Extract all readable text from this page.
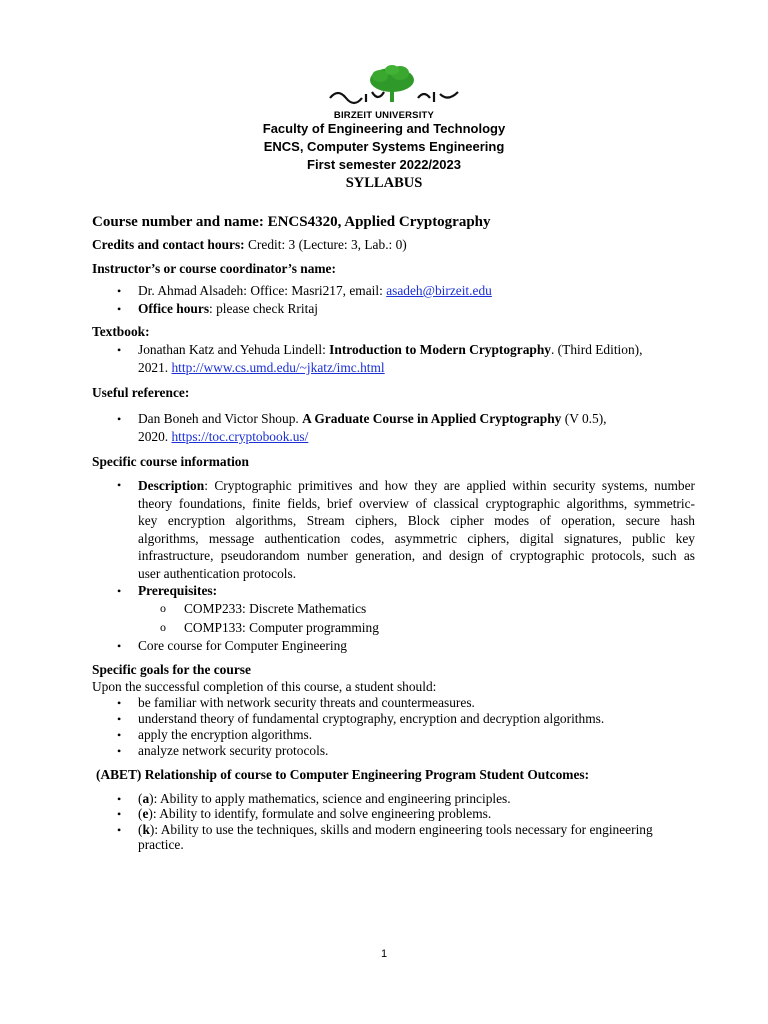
BIRZEIT UNIVERSITY
Faculty of Engineering and Technology
ENCS, Computer Systems Engineering
First semester 2022/2023
SYLLABUS
Course number and name: ENCS4320, Applied Cryptography
Credits and contact hours: Credit: 3 (Lecture: 3, Lab.: 0)
Instructor’s or course coordinator’s name:
• Dr. Ahmad Alsadeh: Office: Masri217, email: asadeh@birzeit.edu
• Office hours: please check Rritaj
Textbook:
• Jonathan Katz and Yehuda Lindell: Introduction to Modern Cryptography. (Third Edition),
2021. http://www.cs.umd.edu/~jkatz/imc.html
Useful reference:
• Dan Boneh and Victor Shoup. A Graduate Course in Applied Cryptography (V 0.5),
2020. https://toc.cryptobook.us/
Specific course information
• Description: Cryptographic primitives and how they are applied within security systems, number
theory foundations, finite fields, brief overview of classical cryptographic algorithms, symmetric-
key encryption algorithms, Stream ciphers, Block cipher modes of operation, secure hash
algorithms, message authentication codes, asymmetric ciphers, digital signatures, public key
infrastructure, pseudorandom number generation, and design of cryptographic protocols, such as
user authentication protocols.
• Prerequisites:
o COMP233: Discrete Mathematics
o COMP133: Computer programming
• Core course for Computer Engineering
Specific goals for the course
Upon the successful completion of this course, a student should:
• be familiar with network security threats and countermeasures.
• understand theory of fundamental cryptography, encryption and decryption algorithms.
• apply the encryption algorithms.
• analyze network security protocols.
(ABET) Relationship of course to Computer Engineering Program Student Outcomes:
• (a): Ability to apply mathematics, science and engineering principles.
• (e): Ability to identify, formulate and solve engineering problems.
• (k): Ability to use the techniques, skills and modern engineering tools necessary for engineering
practice.
1
